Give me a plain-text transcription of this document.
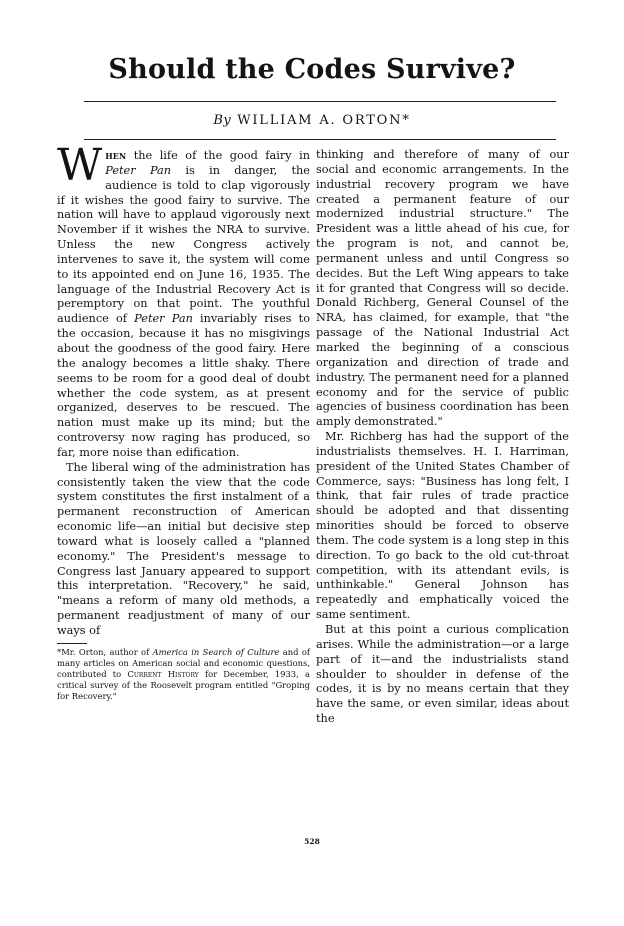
Should the Codes Survive?
By WILLIAM A. ORTON*

When the life of the good fairy in Peter Pan is in danger, the audience is told to clap vigorously if it wishes the good fairy to survive. The nation will have to applaud vigorously next November if it wishes the NRA to survive. Unless the new Congress actively intervenes to save it, the system will come to its appointed end on June 16, 1935. The language of the Industrial Recovery Act is peremptory on that point. The youthful audience of Peter Pan invariably rises to the occasion, because it has no misgivings about the goodness of the good fairy. Here the analogy becomes a little shaky. There seems to be room for a good deal of doubt whether the code system, as at present organized, deserves to be rescued. The nation must make up its mind; but the controversy now raging has produced, so far, more noise than edification.

The liberal wing of the administration has consistently taken the view that the code system constitutes the first instalment of a permanent reconstruction of American economic life—an initial but decisive step toward what is loosely called a "planned economy." The President's message to Congress last January appeared to support this interpretation. "Recovery," he said, "means a reform of many old methods, a permanent readjustment of many of our ways of

*Mr. Orton, author of America in Search of Culture and of many articles on American social and economic questions, contributed to Current History for December, 1933, a critical survey of the Roosevelt program entitled "Groping for Recovery."

thinking and therefore of many of our social and economic arrangements. In the industrial recovery program we have created a permanent feature of our modernized industrial structure." The President was a little ahead of his cue, for the program is not, and cannot be, permanent unless and until Congress so decides. But the Left Wing appears to take it for granted that Congress will so decide. Donald Richberg, General Counsel of the NRA, has claimed, for example, that "the passage of the National Industrial Act marked the beginning of a conscious organization and direction of trade and industry. The permanent need for a planned economy and for the service of public agencies of business coordination has been amply demonstrated."

Mr. Richberg has had the support of the industrialists themselves. H. I. Harriman, president of the United States Chamber of Commerce, says: "Business has long felt, I think, that fair rules of trade practice should be adopted and that dissenting minorities should be forced to observe them. The code system is a long step in this direction. To go back to the old cut-throat competition, with its attendant evils, is unthinkable." General Johnson has repeatedly and emphatically voiced the same sentiment.

But at this point a curious complication arises. While the administration—or a large part of it—and the industrialists stand shoulder to shoulder in defense of the codes, it is by no means certain that they have the same, or even similar, ideas about the

528
